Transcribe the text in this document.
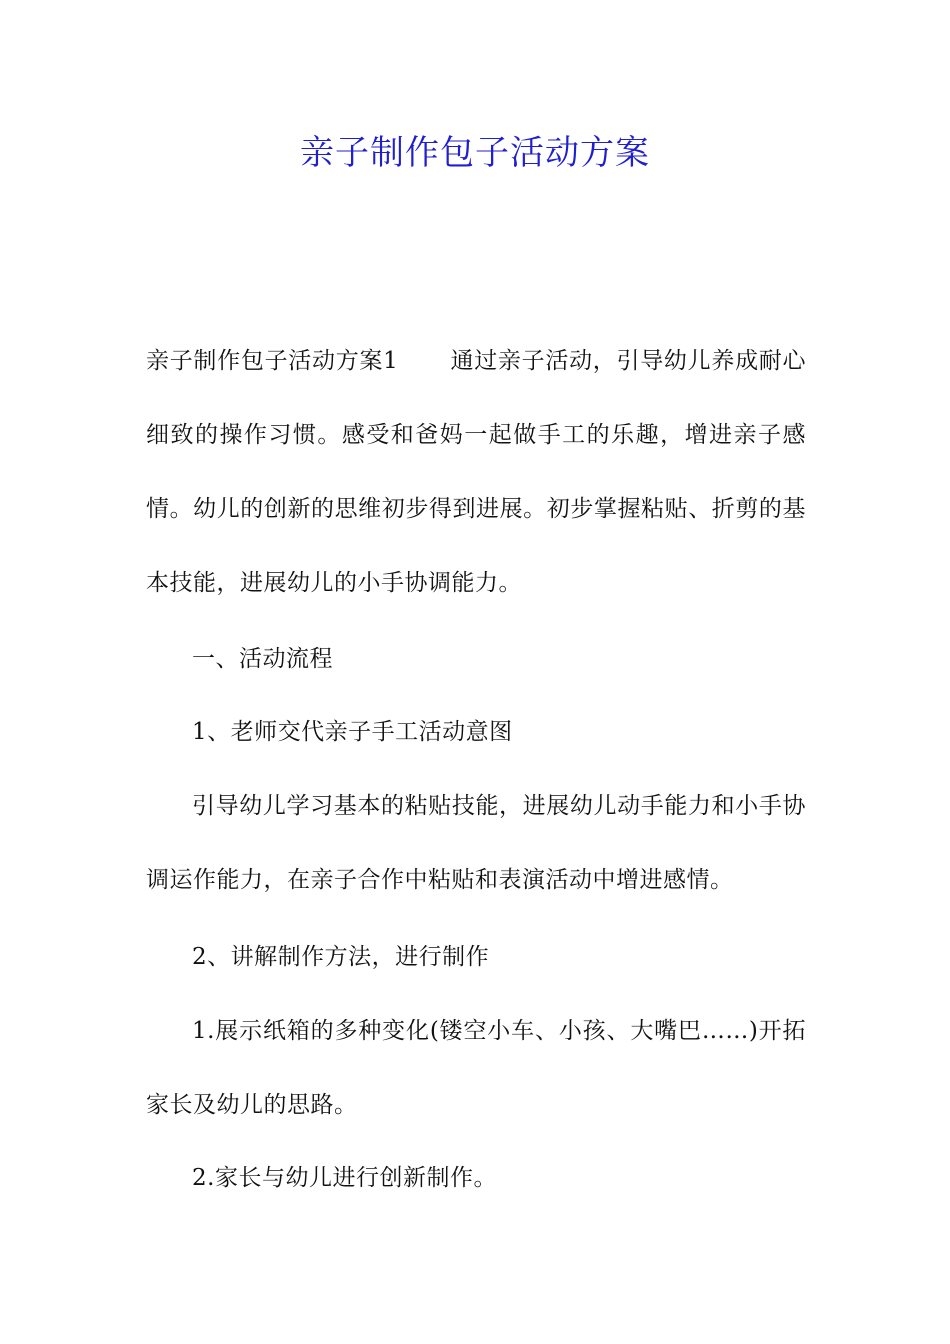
亲子制作包子活动方案

亲子制作包子活动方案1 通过亲子活动，引导幼儿养成耐心细致的操作习惯。感受和爸妈一起做手工的乐趣，增进亲子感情。幼儿的创新的思维初步得到进展。初步掌握粘贴、折剪的基本技能，进展幼儿的小手协调能力。

一、活动流程

1、老师交代亲子手工活动意图

引导幼儿学习基本的粘贴技能，进展幼儿动手能力和小手协调运作能力，在亲子合作中粘贴和表演活动中增进感情。

2、讲解制作方法，进行制作

1.展示纸箱的多种变化(镂空小车、小孩、大嘴巴……)开拓家长及幼儿的思路。

2.家长与幼儿进行创新制作。
